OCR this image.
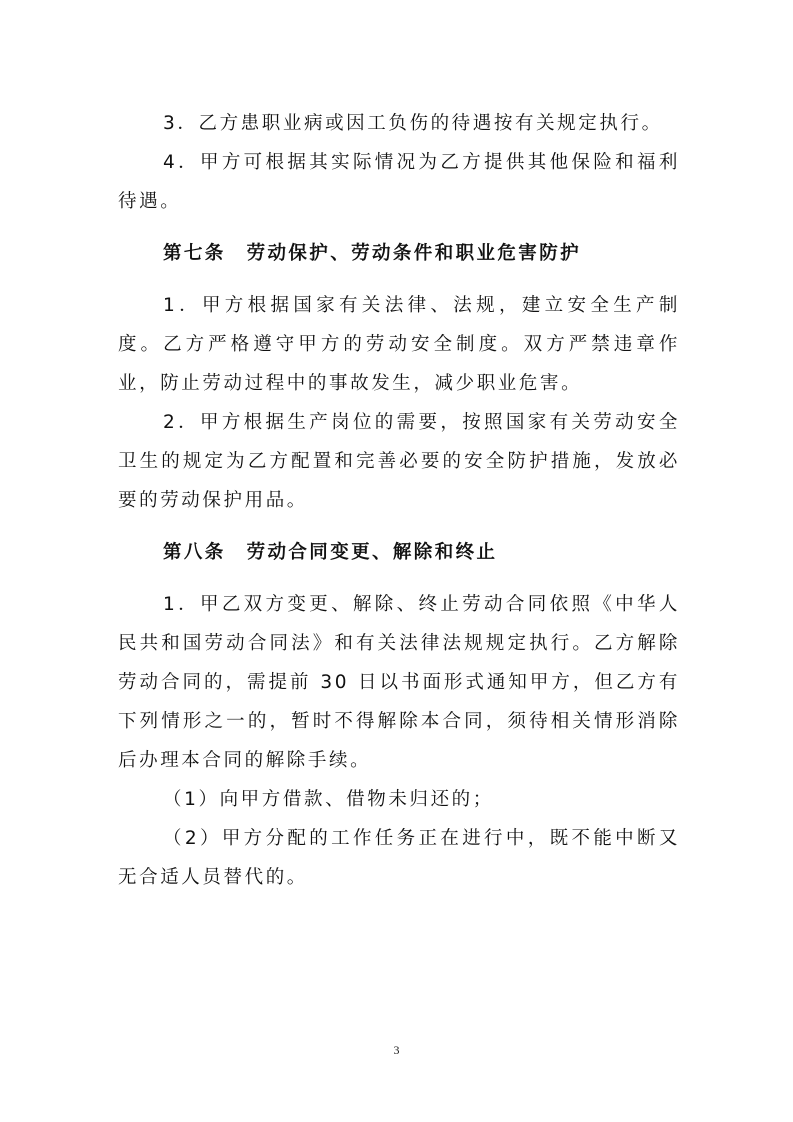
3．乙方患职业病或因工负伤的待遇按有关规定执行。

4．甲方可根据其实际情况为乙方提供其他保险和福利待遇。

第七条　劳动保护、劳动条件和职业危害防护

1．甲方根据国家有关法律、法规，建立安全生产制度。乙方严格遵守甲方的劳动安全制度。双方严禁违章作业，防止劳动过程中的事故发生，减少职业危害。

2．甲方根据生产岗位的需要，按照国家有关劳动安全卫生的规定为乙方配置和完善必要的安全防护措施，发放必要的劳动保护用品。

第八条　劳动合同变更、解除和终止

1．甲乙双方变更、解除、终止劳动合同依照《中华人民共和国劳动合同法》和有关法律法规规定执行。乙方解除劳动合同的，需提前 30 日以书面形式通知甲方，但乙方有下列情形之一的，暂时不得解除本合同，须待相关情形消除后办理本合同的解除手续。

（1）向甲方借款、借物未归还的；

（2）甲方分配的工作任务正在进行中，既不能中断又无合适人员替代的。

3
